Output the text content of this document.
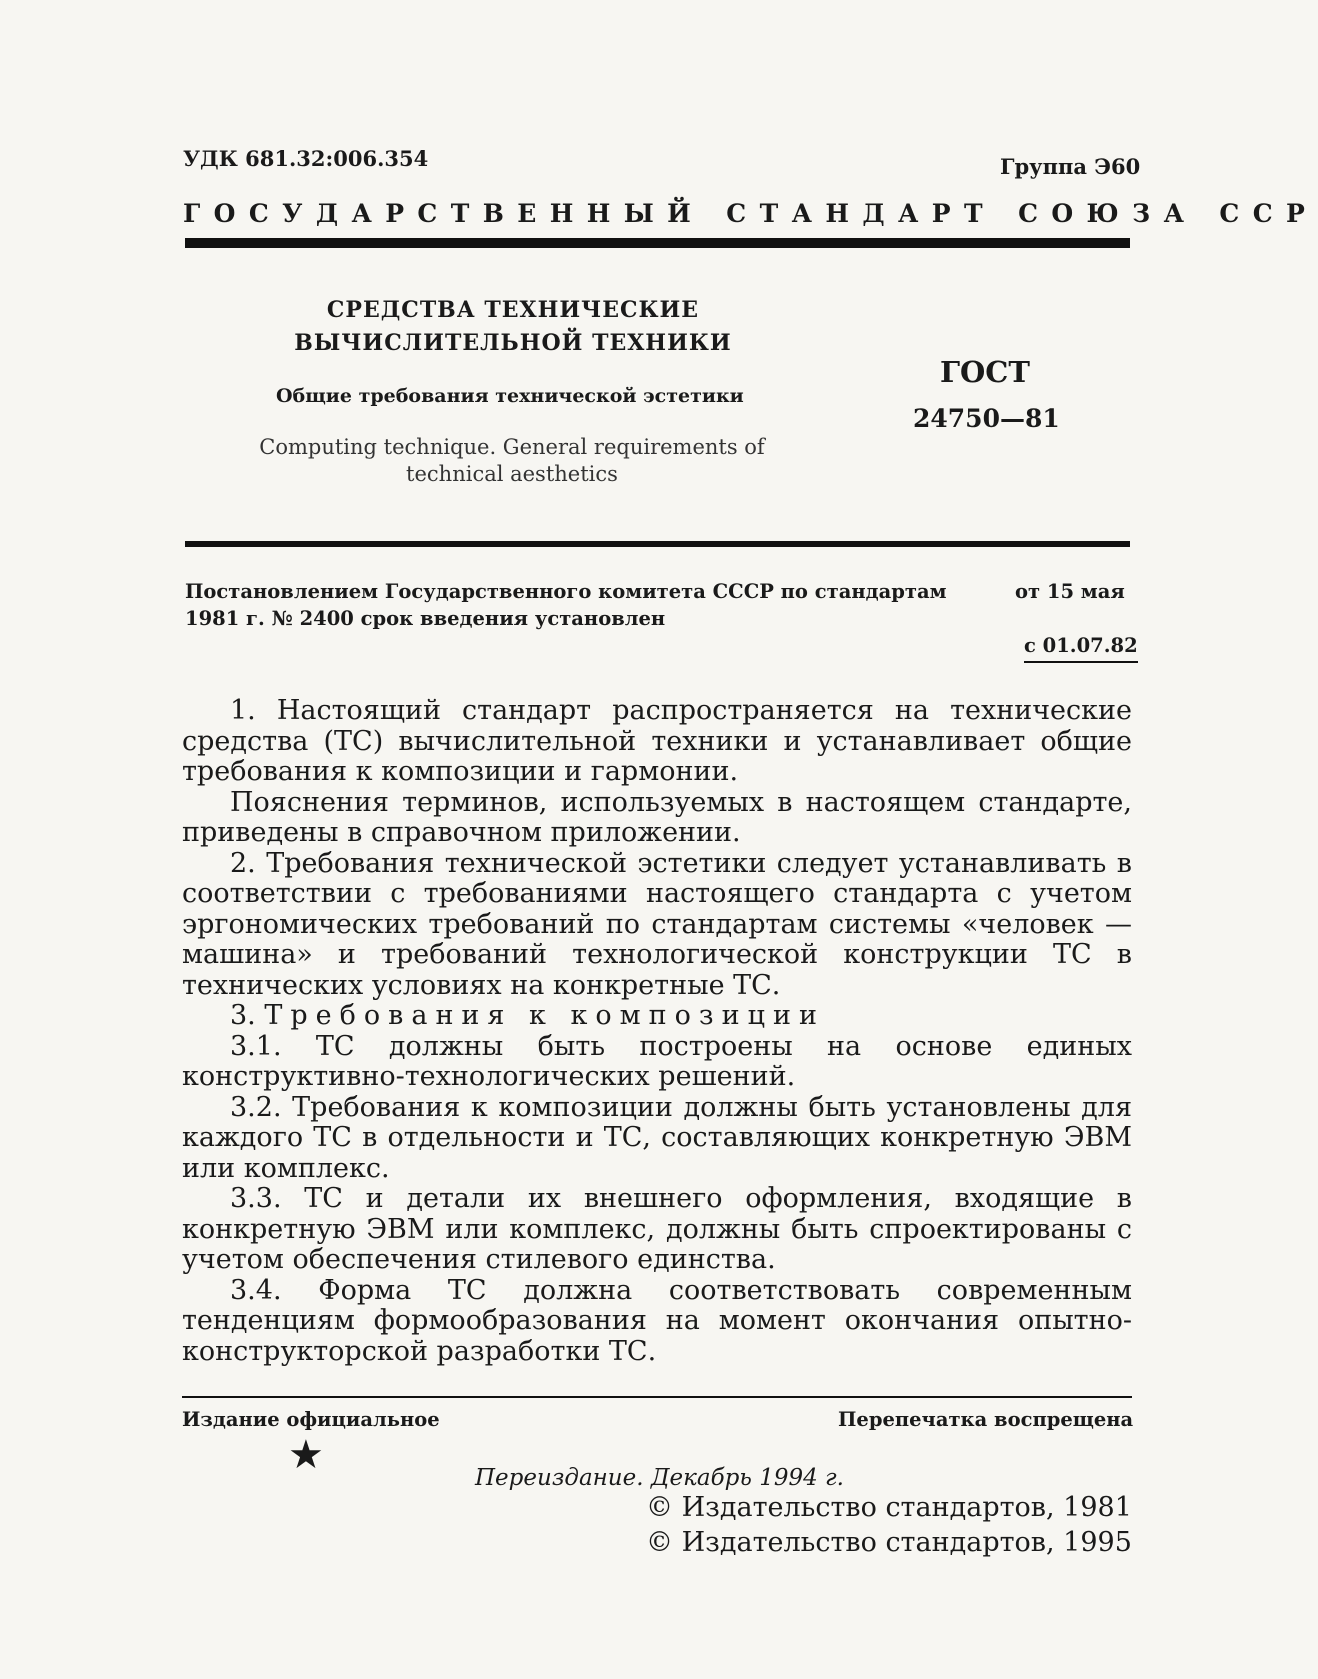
УДК 681.32:006.354	Группа Э60
ГОСУДАРСТВЕННЫЙ СТАНДАРТ СОЮЗА ССР
СРЕДСТВА ТЕХНИЧЕСКИЕ
ВЫЧИСЛИТЕЛЬНОЙ ТЕХНИКИ
Общие требования технической эстетики
Computing technique. General requirements of technical aesthetics
ГОСТ
24750—81
Постановлением Государственного комитета СССР по стандартам	от 15 мая
1981 г. № 2400 срок введения установлен
с 01.07.82

1. Настоящий стандарт распространяется на технические средства (ТС) вычислительной техники и устанавливает общие требования к композиции и гармонии.

Пояснения терминов, используемых в настоящем стандарте, приведены в справочном приложении.

2. Требования технической эстетики следует устанавливать в соответствии с требованиями настоящего стандарта с учетом эргономических требований по стандартам системы «человек — машина» и требований технологической конструкции ТС в технических условиях на конкретные ТС.

3. Требования к композиции

3.1. ТС должны быть построены на основе единых конструктивно-технологических решений.

3.2. Требования к композиции должны быть установлены для каждого ТС в отдельности и ТС, составляющих конкретную ЭВМ или комплекс.

3.3. ТС и детали их внешнего оформления, входящие в конкретную ЭВМ или комплекс, должны быть спроектированы с учетом обеспечения стилевого единства.

3.4. Форма ТС должна соответствовать современным тенденциям формообразования на момент окончания опытно-конструкторской разработки ТС.

Издание официальное	Перепечатка воспрещена
★	Переиздание. Декабрь 1994 г.
© Издательство стандартов, 1981
© Издательство стандартов, 1995
